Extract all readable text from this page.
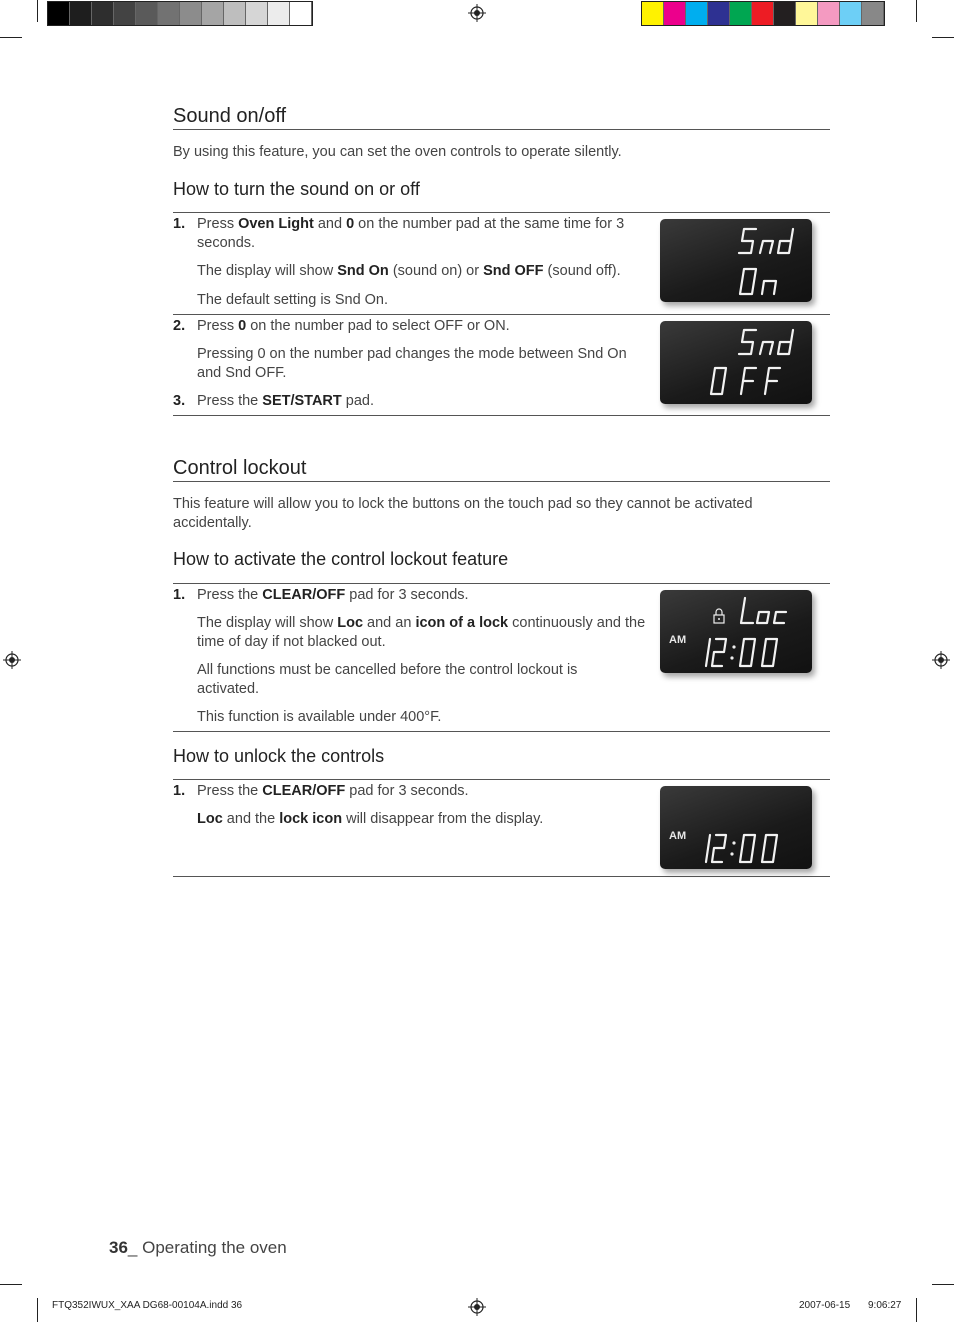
Sound on/off

By using this feature, you can set the oven controls to operate silently.

How to turn the sound on or off
1. Press Oven Light and 0 on the number pad at the same time for 3 seconds.
The display will show Snd On (sound on) or Snd OFF (sound off).
The default setting is Snd On.
2. Press 0 on the number pad to select OFF or ON.
Pressing 0 on the number pad changes the mode between Snd On and Snd OFF.
3. Press the SET/START pad.
Control lockout

This feature will allow you to lock the buttons on the touch pad so they cannot be activated accidentally.

How to activate the control lockout feature
1. Press the CLEAR/OFF pad for 3 seconds.
The display will show Loc and an icon of a lock continuously and the time of day if not blacked out.
All functions must be cancelled before the control lockout is activated.
This function is available under 400°F.
AM
How to unlock the controls
1. Press the CLEAR/OFF pad for 3 seconds.
Loc and the lock icon will disappear from the display.
AM
36_ Operating the oven
FTQ352IWUX_XAA DG68-00104A.indd 36	2007-06-15 9:06:27
